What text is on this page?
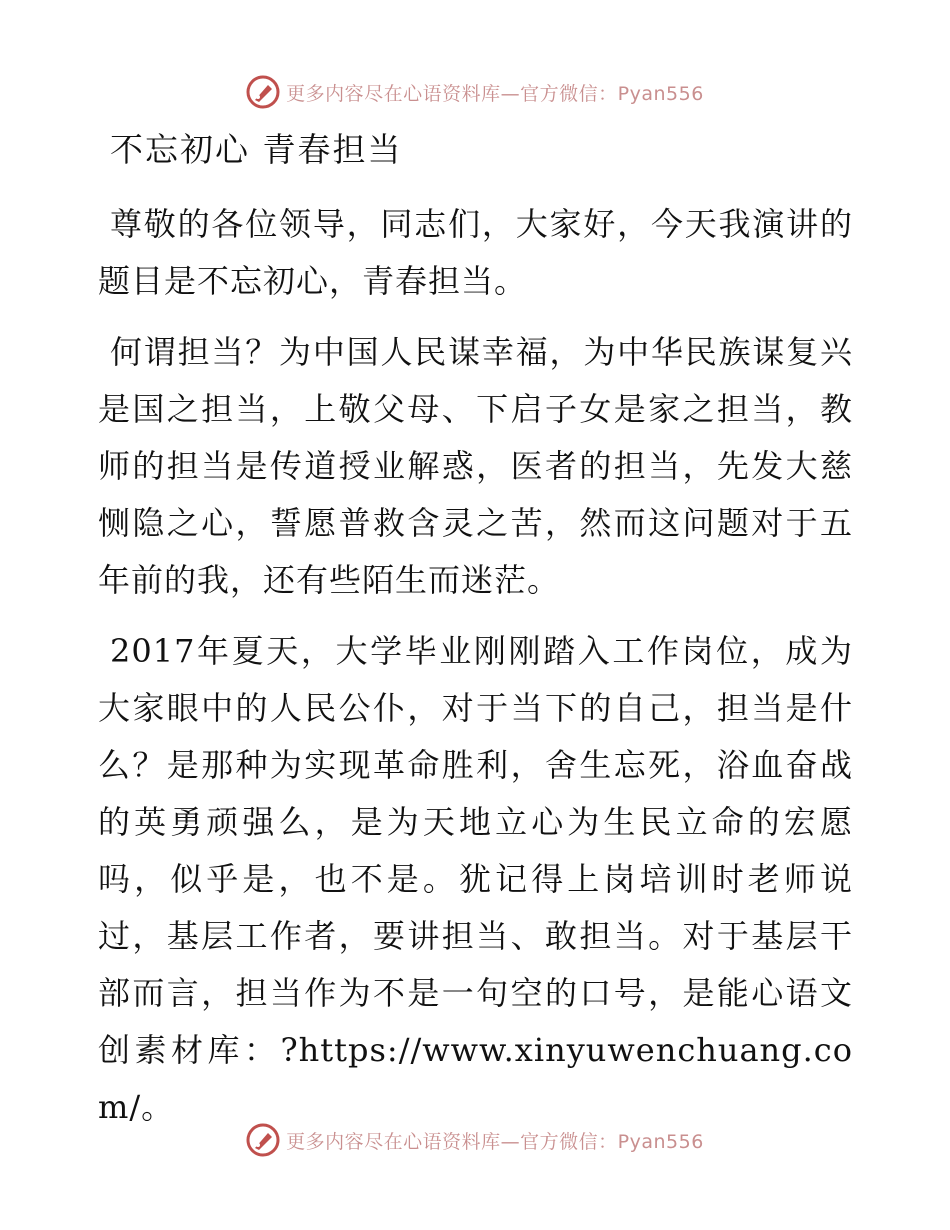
更多内容尽在心语资料库—官方微信：Pyan556
不忘初心 青春担当

尊敬的各位领导，同志们，大家好，今天我演讲的题目是不忘初心，青春担当。

何谓担当？为中国人民谋幸福，为中华民族谋复兴是国之担当，上敬父母、下启子女是家之担当，教师的担当是传道授业解惑，医者的担当，先发大慈恻隐之心，誓愿普救含灵之苦，然而这问题对于五年前的我，还有些陌生而迷茫。

2017年夏天，大学毕业刚刚踏入工作岗位，成为大家眼中的人民公仆，对于当下的自己，担当是什么？是那种为实现革命胜利，舍生忘死，浴血奋战的英勇顽强么，是为天地立心为生民立命的宏愿吗，似乎是，也不是。犹记得上岗培训时老师说过，基层工作者，要讲担当、敢担当。对于基层干部而言，担当作为不是一句空的口号，是能心语文创素材库：?https://www.xinyuwenchuang.com/。

更多内容尽在心语资料库—官方微信：Pyan556
